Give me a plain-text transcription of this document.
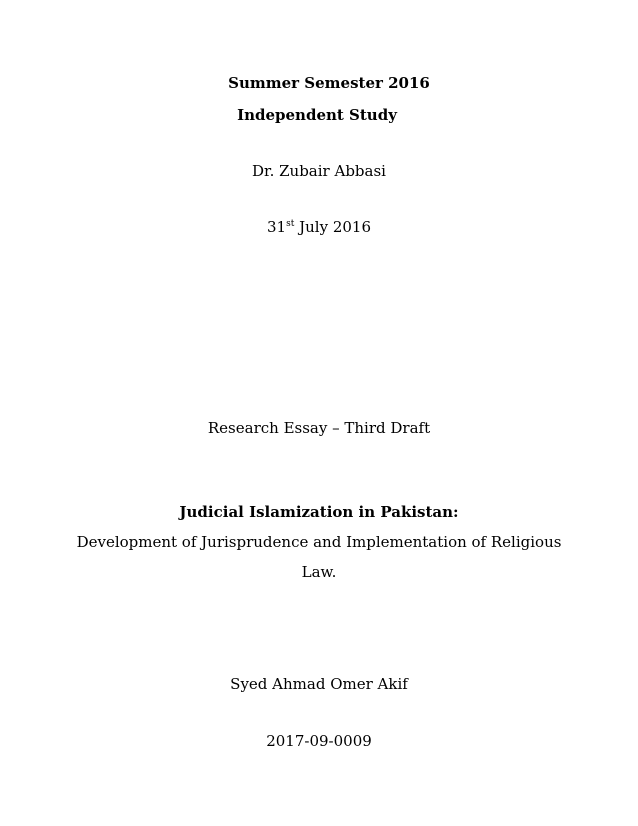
Summer Semester 2016
Independent Study
Dr. Zubair Abbasi
31st July 2016
Research Essay – Third Draft
Judicial Islamization in Pakistan:
Development of Jurisprudence and Implementation of Religious
Law.
Syed Ahmad Omer Akif
2017-09-0009
